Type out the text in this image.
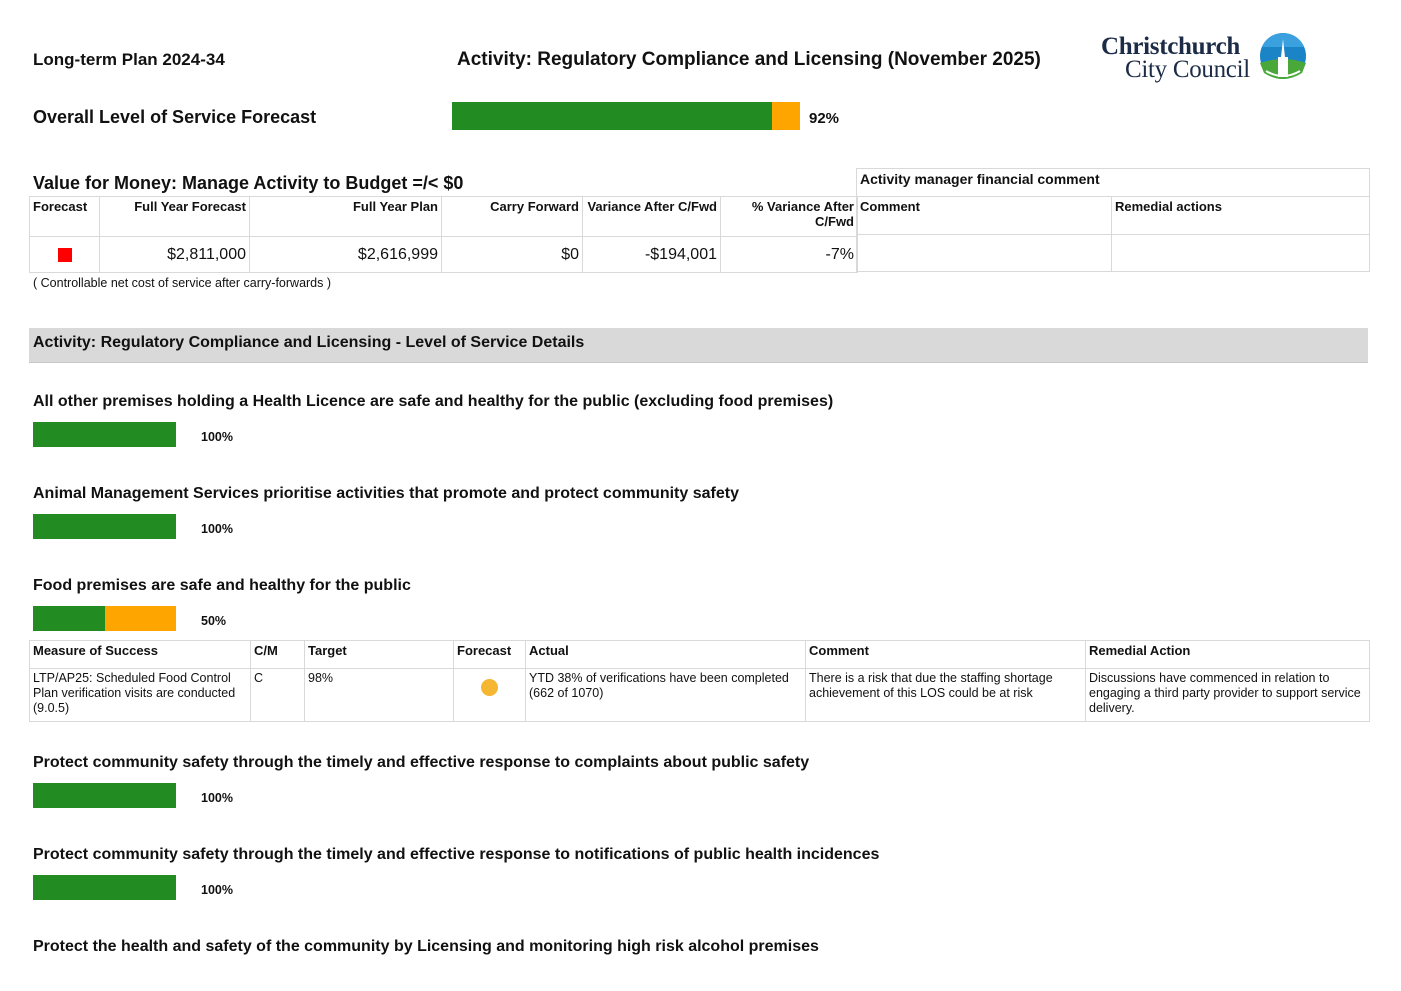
Long-term Plan 2024-34	Activity: Regulatory Compliance and Licensing (November 2025) Christchurch
City Council
Overall Level of Service Forecast	92%
Value for Money: Manage Activity to Budget =/< $0
Forecast	Full Year Forecast	Full Year Plan	Carry Forward	Variance After C/Fwd	% Variance After C/Fwd
	$2,811,000	$2,616,999	$0	-$194,001	-7%
Activity manager financial comment	
Comment	Remedial actions

( Controllable net cost of service after carry-forwards )
Activity: Regulatory Compliance and Licensing - Level of Service Details
All other premises holding a Health Licence are safe and healthy for the public (excluding food premises)
100%
Animal Management Services prioritise activities that promote and protect community safety
100%
Food premises are safe and healthy for the public
50%
Measure of Success	C/M	Target	Forecast	Actual	Comment	Remedial Action
LTP/AP25: Scheduled Food Control Plan verification visits are conducted (9.0.5)	C	98%		YTD 38% of verifications have been completed (662 of 1070)	There is a risk that due the staffing shortage achievement of this LOS could be at risk	Discussions have commenced in relation to engaging a third party provider to support service delivery.
Protect community safety through the timely and effective response to complaints about public safety
100%
Protect community safety through the timely and effective response to notifications of public health incidences
100%
Protect the health and safety of the community by Licensing and monitoring high risk alcohol premises
